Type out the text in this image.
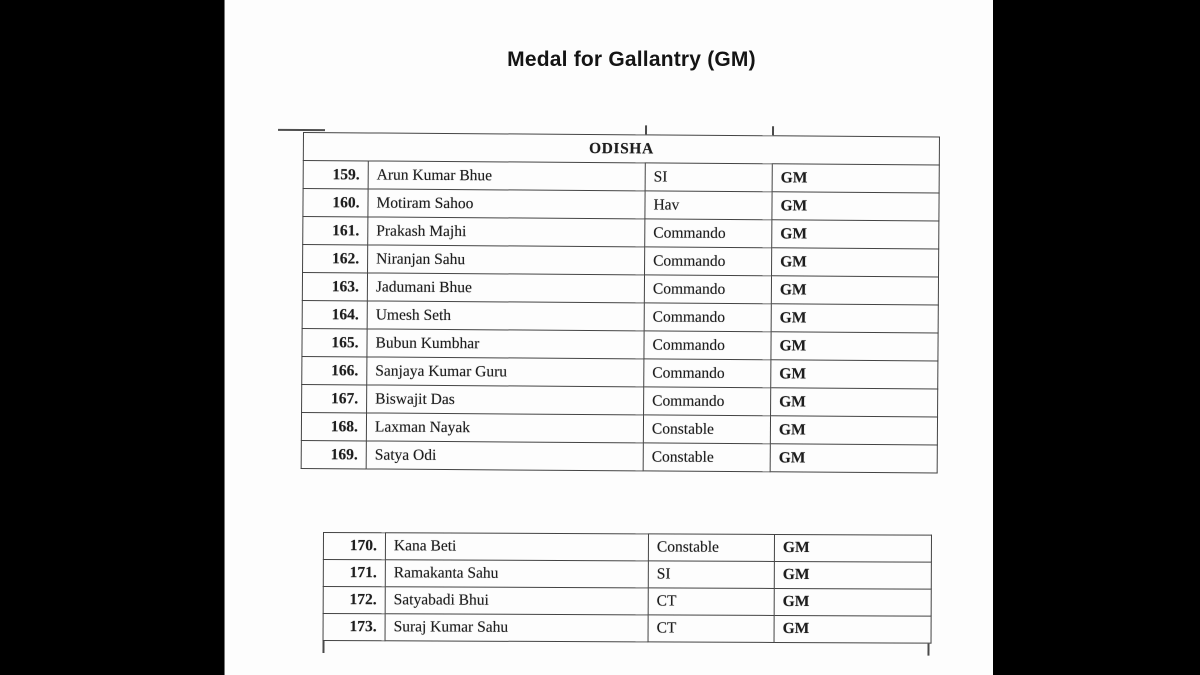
Medal for Gallantry (GM)
ODISHA			
159.	Arun Kumar Bhue	SI	GM
160.	Motiram Sahoo	Hav	GM
161.	Prakash Majhi	Commando	GM
162.	Niranjan Sahu	Commando	GM
163.	Jadumani Bhue	Commando	GM
164.	Umesh Seth	Commando	GM
165.	Bubun Kumbhar	Commando	GM
166.	Sanjaya Kumar Guru	Commando	GM
167.	Biswajit Das	Commando	GM
168.	Laxman Nayak	Constable	GM
169.	Satya Odi	Constable	GM
170.	Kana Beti	Constable	GM
171.	Ramakanta Sahu	SI	GM
172.	Satyabadi Bhui	CT	GM
173.	Suraj Kumar Sahu	CT	GM
